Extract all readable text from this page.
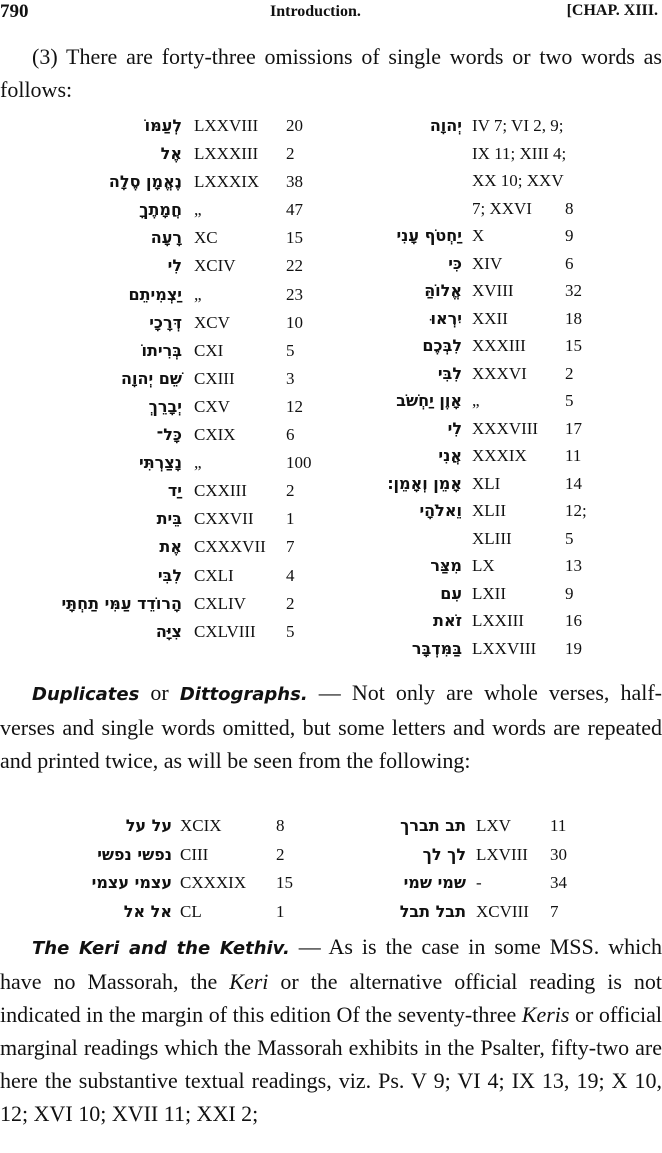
790	Introduction.	[CHAP. XIII.

(3) There are forty-three omissions of single words or two words as follows:

לְעַמּוֹ LXXVIII 20
אֶל LXXXIII 2
נֶאֱמָן סֶלָה LXXXIX 38
חֲמָתֶךָ „	47
רָעָה XC	15
לִי XCIV	22
יַצְמִיתֵם „	23
דְּרָכָי XCV	10
בְּרִיתוֹ CXI	5
שֵׁם יְהוָה CXIII	3
יְבָרֵךְ CXV	12
כָּל־ CXIX	6
נָצַרְתִּי „	100
יַד CXXIII 2
בֵּית CXXVII 1
אֶת CXXXVII 7
לִבִּי CXLI	4
הָרוֹדֵד עַמִּי תַחְתָּי CXLIV 2
צִיָּה CXLVIII 5
יְהוָה IV 7; VI 2, 9;
IX 11; XIII 4;
XX 10; XXV
7; XXVI 8
יַחְטֹף עָנִי X	9
כִּי XIV	6
אֱלוֹהַּ XVIII	32
יִרְאוּ XXII	18
לִבְּכֶם XXXIII 15
לִבִּי XXXVI 2
אָוֶן יַחְשֹׁב „	5
לִי XXXVIII 17
אֲנִי XXXIX 11
אָמֵן וְאָמֵן׃ XLI	14
וֵאלֹהָי XLII	12;
XLIII	5
מִצַּר LX	13
עִם LXII	9
זֹאת LXXIII 16
בַּמִּדְבָּר LXXVIII 19

Duplicates or Dittographs. — Not only are whole verses, half-verses and single words omitted, but some letters and words are repeated and printed twice, as will be seen from the following:

על על XCIX	8
נפשי נפשי CIII	2
עצמי עצמי CXXXIX 15
אל אל CL	1
תב תברך LXV 11
לך לך LXVIII 30
שמי שמי -	34
תבל תבל XCVIII 7

The Keri and the Kethiv. — As is the case in some MSS. which have no Massorah, the Keri or the alternative official reading is not indicated in the margin of this edition Of the seventy-three Keris or official marginal readings which the Massorah exhibits in the Psalter, fifty-two are here the substantive textual readings, viz. Ps. V 9; VI 4; IX 13, 19; X 10, 12; XVI 10; XVII 11; XXI 2;
